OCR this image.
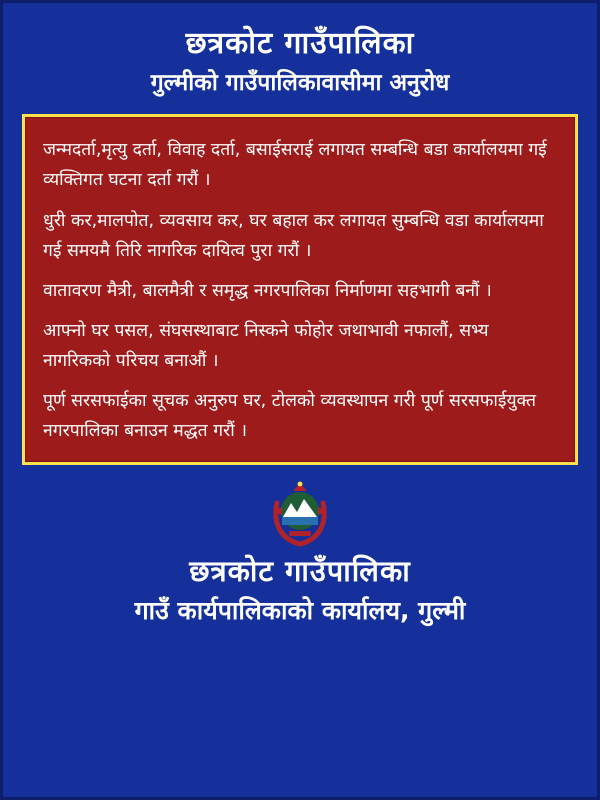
छत्रकोट गाउँपालिका
गुल्मीको गाउँपालिकावासीमा अनुरोध

जन्मदर्ता,मृत्यु दर्ता, विवाह दर्ता, बसाईसराई लगायत सम्बन्धि बडा कार्यालयमा गई व्यक्तिगत घटना दर्ता गरौं ।

धुरी कर,मालपोत, व्यवसाय कर, घर बहाल कर लगायत सुम्बन्धि वडा कार्यालयमा गई समयमै तिरि नागरिक दायित्व पुरा गरौं ।

वातावरण मैत्री, बालमैत्री र समृद्ध नगरपालिका निर्माणमा सहभागी बनौं ।

आफ्नो घर पसल, संघसस्थाबाट निस्कने फोहोर जथाभावी नफालौं, सभ्य नागरिकको परिचय बनाऔं ।

पूर्ण सरसफाईका सूचक अनुरुप घर, टोलको व्यवस्थापन गरी पूर्ण सरसफाईयुक्त नगरपालिका बनाउन मद्धत गरौं ।

छत्रकोट गाउँपालिका
गाउँ कार्यपालिकाको कार्यालय, गुल्मी
